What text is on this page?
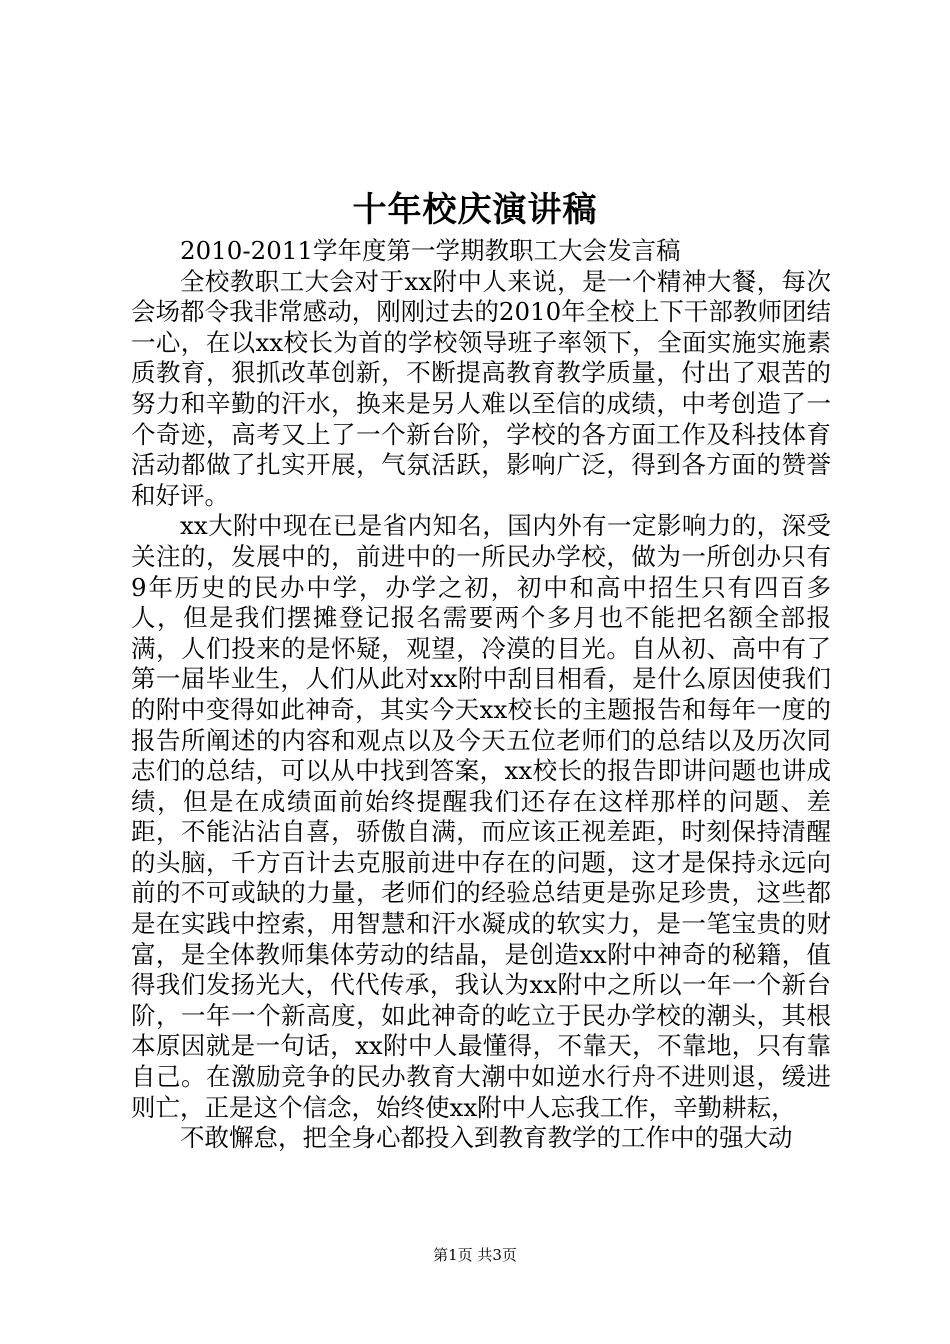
十年校庆演讲稿

2010-2011学年度第一学期教职工大会发言稿

全校教职工大会对于xx附中人来说，是一个精神大餐，每次会场都令我非常感动，刚刚过去的2010年全校上下干部教师团结一心，在以xx校长为首的学校领导班子率领下，全面实施实施素质教育，狠抓改革创新，不断提高教育教学质量，付出了艰苦的努力和辛勤的汗水，换来是另人难以至信的成绩，中考创造了一个奇迹，高考又上了一个新台阶，学校的各方面工作及科技体育活动都做了扎实开展，气氛活跃，影响广泛，得到各方面的赞誉和好评。

xx大附中现在已是省内知名，国内外有一定影响力的，深受关注的，发展中的，前进中的一所民办学校，做为一所创办只有9年历史的民办中学，办学之初，初中和高中招生只有四百多人，但是我们摆摊登记报名需要两个多月也不能把名额全部报满，人们投来的是怀疑，观望，冷漠的目光。自从初、高中有了第一届毕业生，人们从此对xx附中刮目相看，是什么原因使我们的附中变得如此神奇，其实今天xx校长的主题报告和每年一度的报告所阐述的内容和观点以及今天五位老师们的总结以及历次同志们的总结，可以从中找到答案，xx校长的报告即讲问题也讲成绩，但是在成绩面前始终提醒我们还存在这样那样的问题、差距，不能沾沾自喜，骄傲自满，而应该正视差距，时刻保持清醒的头脑，千方百计去克服前进中存在的问题，这才是保持永远向前的不可或缺的力量，老师们的经验总结更是弥足珍贵，这些都是在实践中控索，用智慧和汗水凝成的软实力，是一笔宝贵的财富，是全体教师集体劳动的结晶，是创造xx附中神奇的秘籍，值得我们发扬光大，代代传承，我认为xx附中之所以一年一个新台阶，一年一个新高度，如此神奇的屹立于民办学校的潮头，其根本原因就是一句话，xx附中人最懂得，不靠天，不靠地，只有靠自己。在激励竞争的民办教育大潮中如逆水行舟不进则退，缓进则亡，正是这个信念，始终使xx附中人忘我工作，辛勤耕耘，

不敢懈怠，把全身心都投入到教育教学的工作中的强大动

第1页 共3页
